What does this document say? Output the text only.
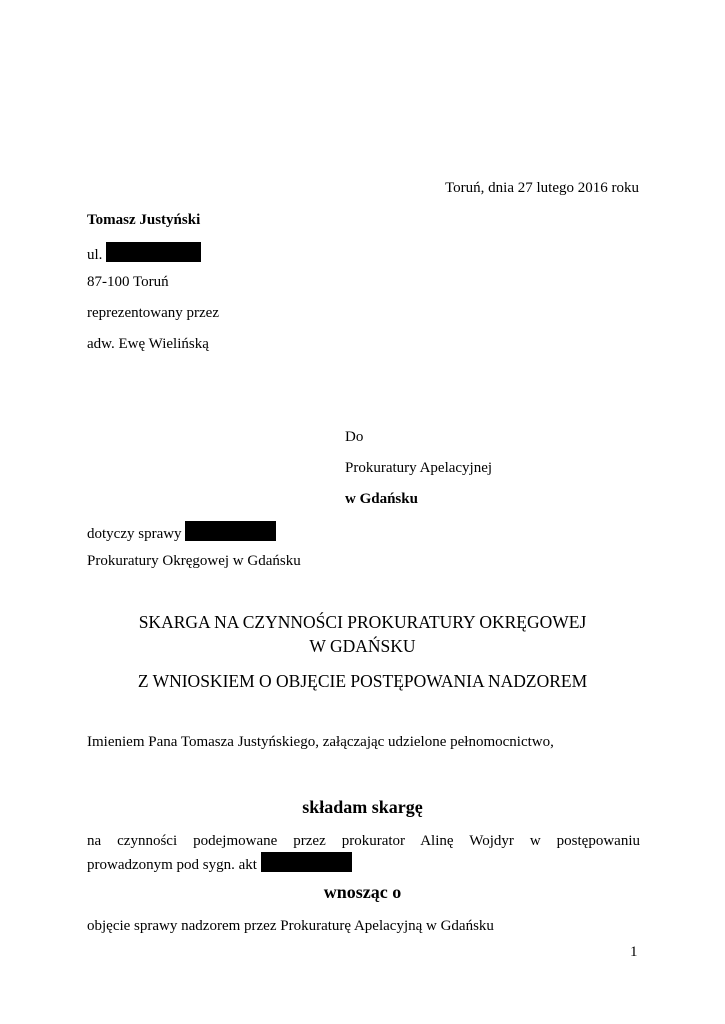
Toruń, dnia 27 lutego 2016 roku
Tomasz Justyński
ul.
87-100 Toruń
reprezentowany przez
adw. Ewę Wielińską
Do
Prokuratury Apelacyjnej
w Gdańsku
dotyczy sprawy
Prokuratury Okręgowej w Gdańsku
SKARGA NA CZYNNOŚCI PROKURATURY OKRĘGOWEJ
W GDAŃSKU
Z WNIOSKIEM O OBJĘCIE POSTĘPOWANIA NADZOREM
Imieniem Pana Tomasza Justyńskiego, załączając udzielone pełnomocnictwo,
składam skargę
na czynności podejmowane przez prokurator Alinę Wojdyr w postępowaniu
prowadzonym pod sygn. akt
wnosząc o
objęcie sprawy nadzorem przez Prokuraturę Apelacyjną w Gdańsku
1
